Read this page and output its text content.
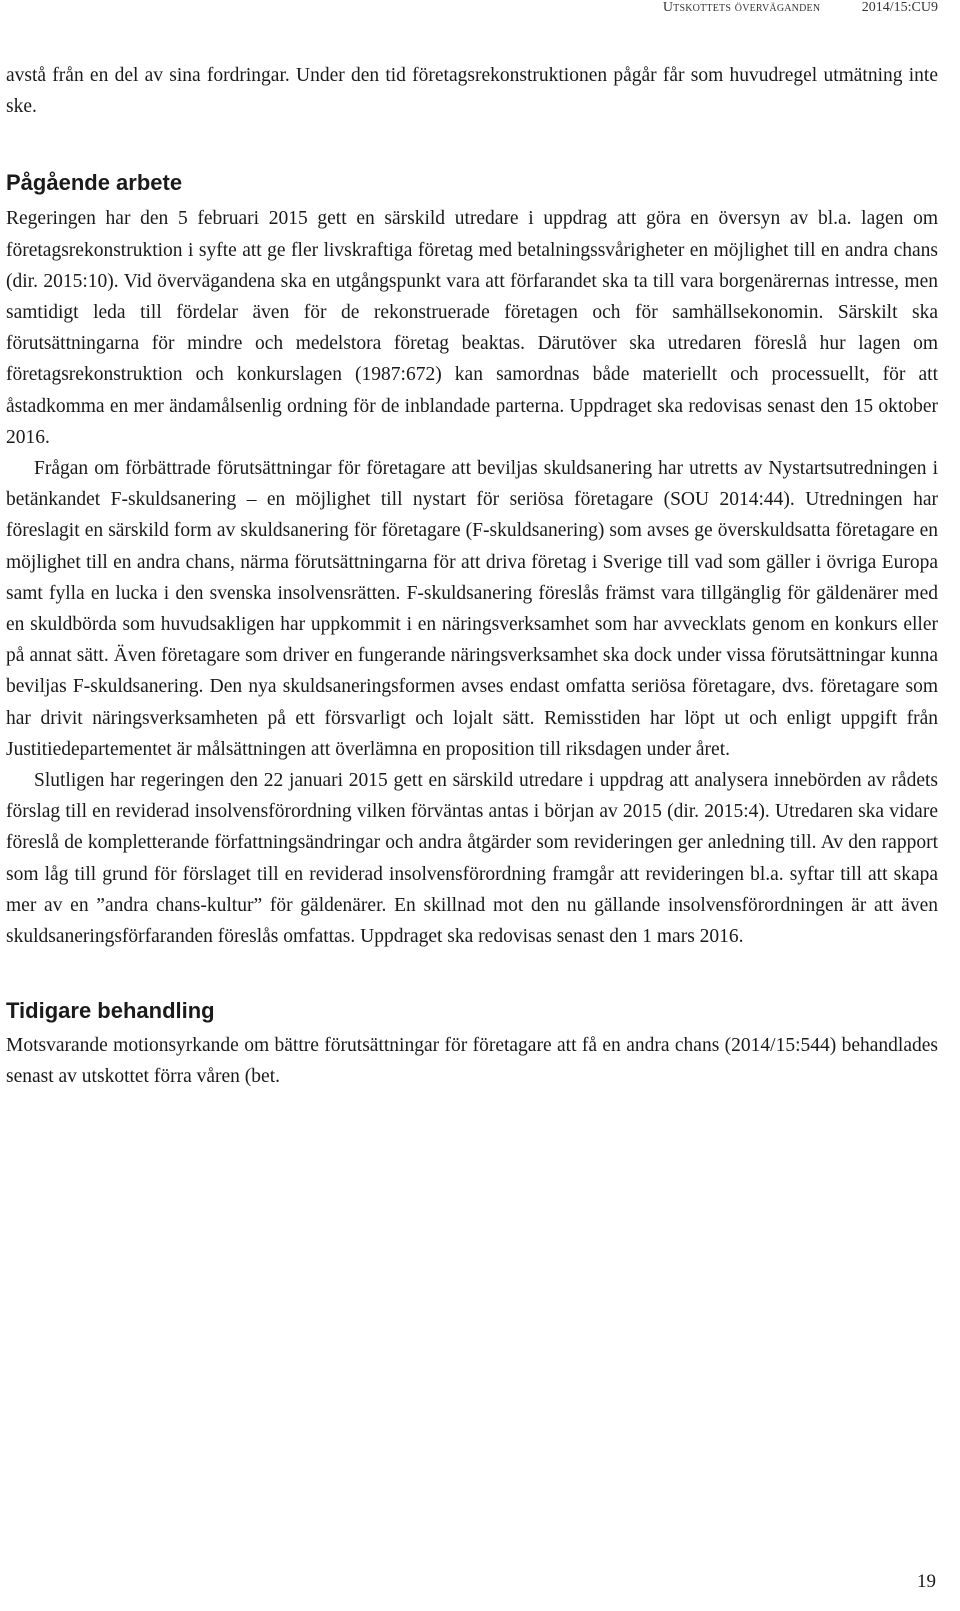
Utskottets överväganden	2014/15:CU9

avstå från en del av sina fordringar. Under den tid företagsrekonstruktionen pågår får som huvudregel utmätning inte ske.

Pågående arbete

Regeringen har den 5 februari 2015 gett en särskild utredare i uppdrag att göra en översyn av bl.a. lagen om företagsrekonstruktion i syfte att ge fler livskraftiga företag med betalningssvårigheter en möjlighet till en andra chans (dir. 2015:10). Vid övervägandena ska en utgångspunkt vara att förfarandet ska ta till vara borgenärernas intresse, men samtidigt leda till fördelar även för de rekonstruerade företagen och för samhällsekonomin. Särskilt ska förutsättningarna för mindre och medelstora företag beaktas. Därutöver ska utredaren föreslå hur lagen om företagsrekonstruktion och konkurslagen (1987:672) kan samordnas både materiellt och processuellt, för att åstadkomma en mer ändamålsenlig ordning för de inblandade parterna. Uppdraget ska redovisas senast den 15 oktober 2016.

Frågan om förbättrade förutsättningar för företagare att beviljas skuldsanering har utretts av Nystartsutredningen i betänkandet F-skuldsanering – en möjlighet till nystart för seriösa företagare (SOU 2014:44). Utredningen har föreslagit en särskild form av skuldsanering för företagare (F-skuldsanering) som avses ge överskuldsatta företagare en möjlighet till en andra chans, närma förutsättningarna för att driva företag i Sverige till vad som gäller i övriga Europa samt fylla en lucka i den svenska insolvensrätten. F-skuldsanering föreslås främst vara tillgänglig för gäldenärer med en skuldbörda som huvudsakligen har uppkommit i en näringsverksamhet som har avvecklats genom en konkurs eller på annat sätt. Även företagare som driver en fungerande näringsverksamhet ska dock under vissa förutsättningar kunna beviljas F-skuldsanering. Den nya skuldsaneringsformen avses endast omfatta seriösa företagare, dvs. företagare som har drivit näringsverksamheten på ett försvarligt och lojalt sätt. Remisstiden har löpt ut och enligt uppgift från Justitiedepartementet är målsättningen att överlämna en proposition till riksdagen under året.

Slutligen har regeringen den 22 januari 2015 gett en särskild utredare i uppdrag att analysera innebörden av rådets förslag till en reviderad insolvensförordning vilken förväntas antas i början av 2015 (dir. 2015:4). Utredaren ska vidare föreslå de kompletterande författningsändringar och andra åtgärder som revideringen ger anledning till. Av den rapport som låg till grund för förslaget till en reviderad insolvensförordning framgår att revideringen bl.a. syftar till att skapa mer av en ”andra chans-kultur” för gäldenärer. En skillnad mot den nu gällande insolvensförordningen är att även skuldsaneringsförfaranden föreslås omfattas. Uppdraget ska redovisas senast den 1 mars 2016.

Tidigare behandling

Motsvarande motionsyrkande om bättre förutsättningar för företagare att få en andra chans (2014/15:544) behandlades senast av utskottet förra våren (bet.

19
